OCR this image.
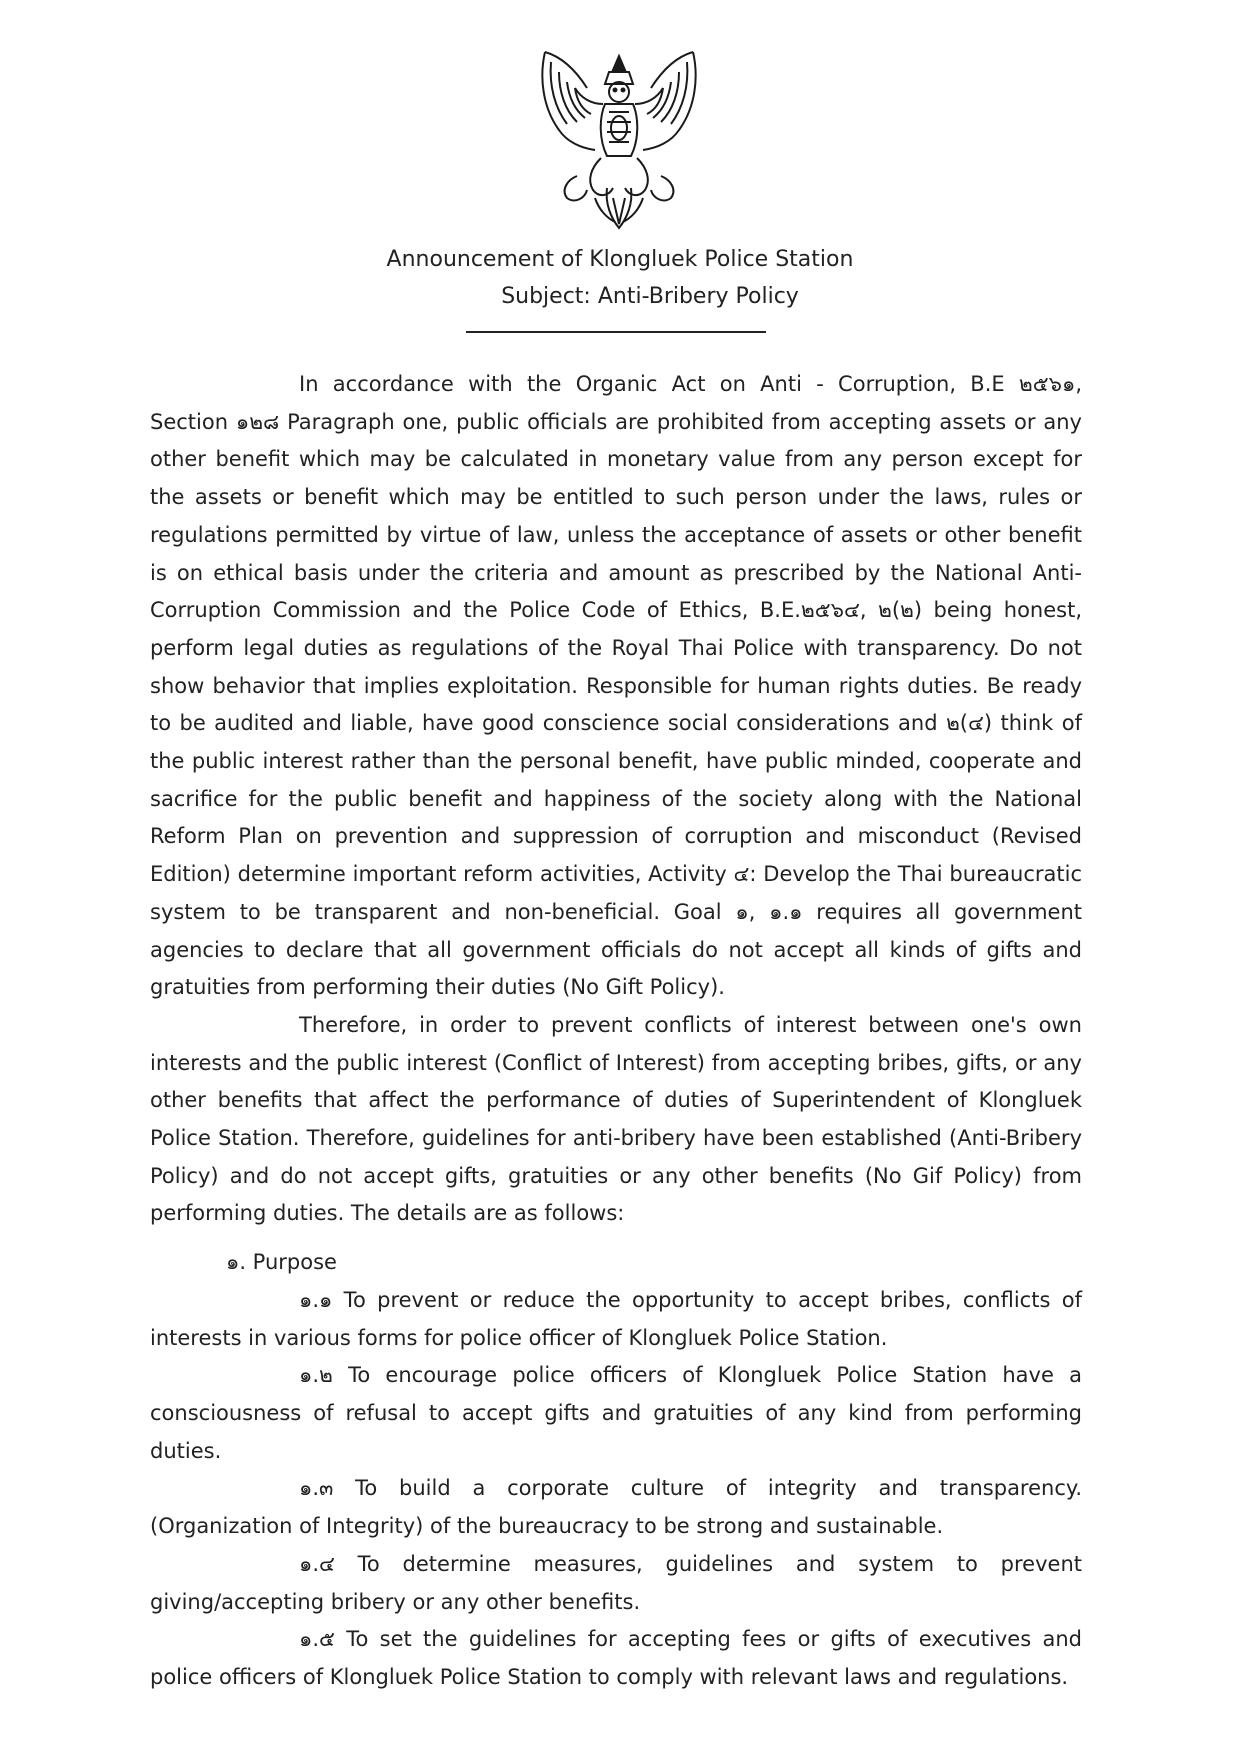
Announcement of Klongluek Police Station
Subject: Anti-Bribery Policy

In accordance with the Organic Act on Anti - Corruption, B.E ๒๕๖๑, Section ๑๒๘ Paragraph one, public officials are prohibited from accepting assets or any other benefit which may be calculated in monetary value from any person except for the assets or benefit which may be entitled to such person under the laws, rules or regulations permitted by virtue of law, unless the acceptance of assets or other benefit is on ethical basis under the criteria and amount as prescribed by the National Anti-Corruption Commission and the Police Code of Ethics, B.E.๒๕๖๔, ๒(๒) being honest, perform legal duties as regulations of the Royal Thai Police with transparency. Do not show behavior that implies exploitation. Responsible for human rights duties. Be ready to be audited and liable, have good conscience social considerations and ๒(๔) think of the public interest rather than the personal benefit, have public minded, cooperate and sacrifice for the public benefit and happiness of the society along with the National Reform Plan on prevention and suppression of corruption and misconduct (Revised Edition) determine important reform activities, Activity ๔: Develop the Thai bureaucratic system to be transparent and non-beneficial. Goal ๑, ๑.๑ requires all government agencies to declare that all government officials do not accept all kinds of gifts and gratuities from performing their duties (No Gift Policy).

Therefore, in order to prevent conflicts of interest between one's own interests and the public interest (Conflict of Interest) from accepting bribes, gifts, or any other benefits that affect the performance of duties of Superintendent of Klongluek Police Station. Therefore, guidelines for anti-bribery have been established (Anti-Bribery Policy) and do not accept gifts, gratuities or any other benefits (No Gif Policy) from performing duties. The details are as follows:

๑. Purpose

๑.๑ To prevent or reduce the opportunity to accept bribes, conflicts of interests in various forms for police officer of Klongluek Police Station.

๑.๒ To encourage police officers of Klongluek Police Station have a consciousness of refusal to accept gifts and gratuities of any kind from performing duties.

๑.๓ To build a corporate culture of integrity and transparency. (Organization of Integrity) of the bureaucracy to be strong and sustainable.

๑.๔ To determine measures, guidelines and system to prevent giving/accepting bribery or any other benefits.

๑.๕ To set the guidelines for accepting fees or gifts of executives and police officers of Klongluek Police Station to comply with relevant laws and regulations.
